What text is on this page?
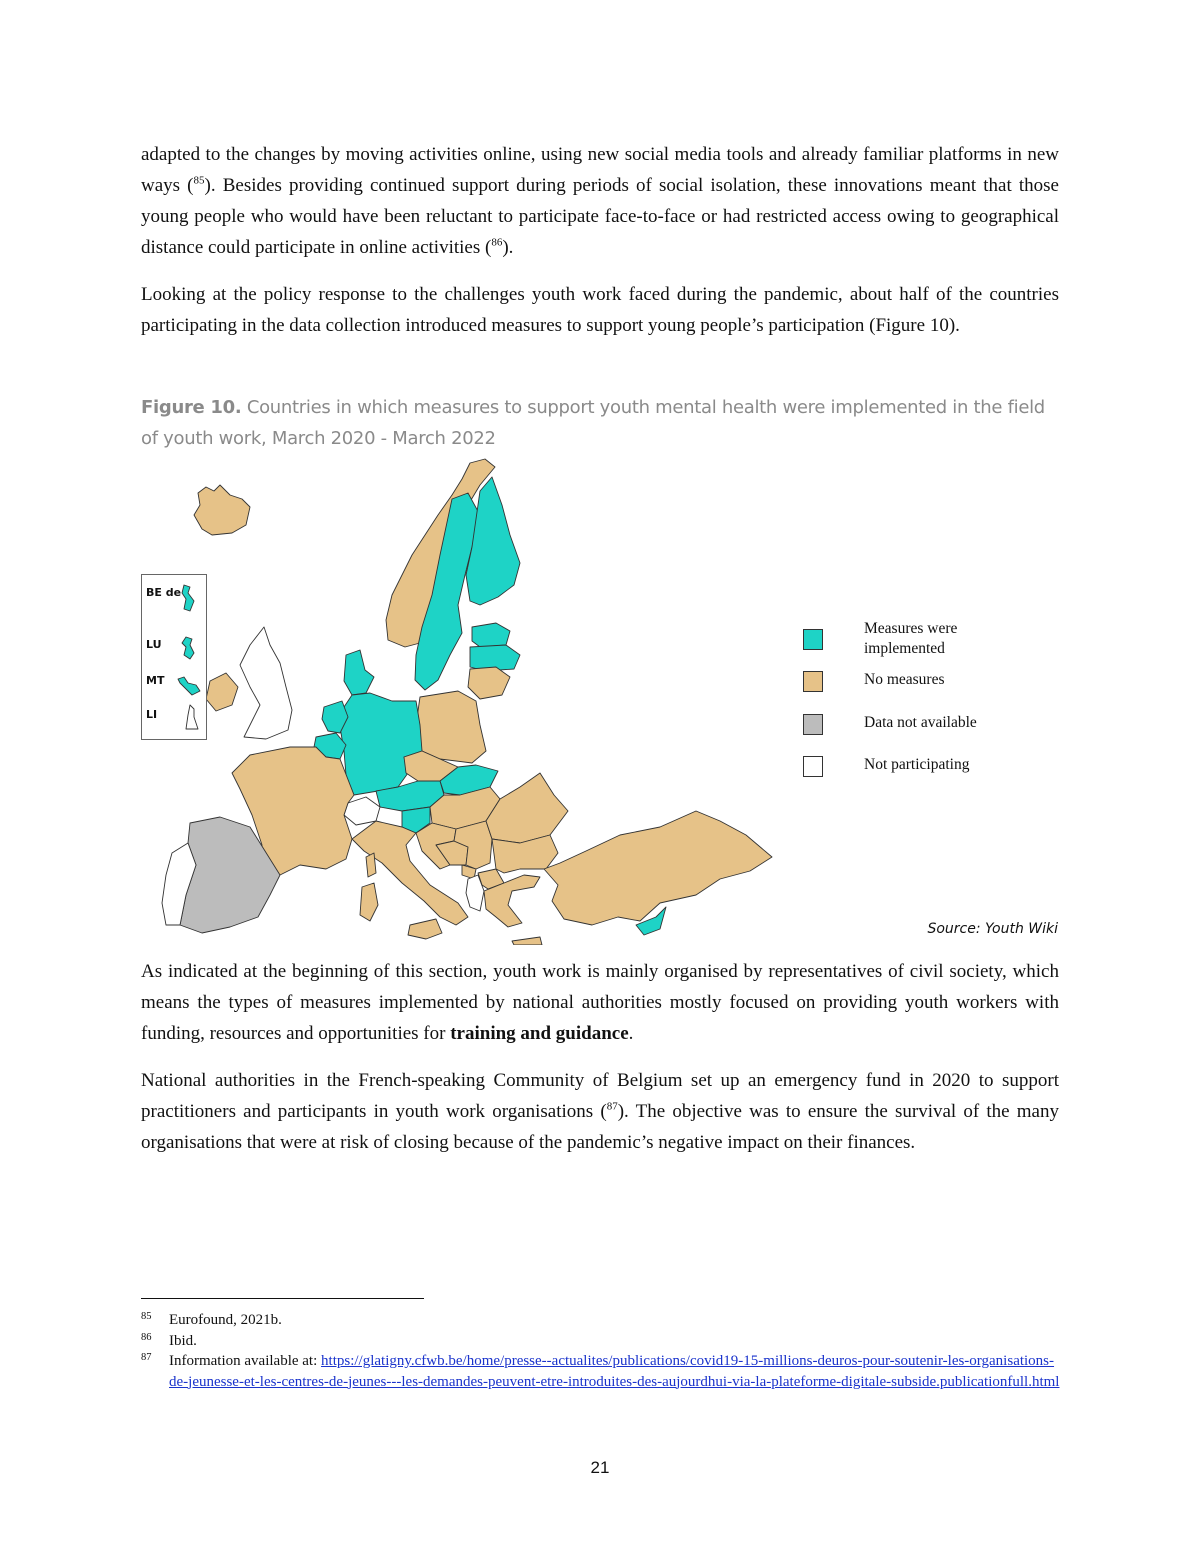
adapted to the changes by moving activities online, using new social media tools and already familiar platforms in new ways ($^{85}$). Besides providing continued support during periods of social isolation, these innovations meant that those young people who would have been reluctant to participate face-to-face or had restricted access owing to geographical distance could participate in online activities ($^{86}$).

Looking at the policy response to the challenges youth work faced during the pandemic, about half of the countries participating in the data collection introduced measures to support young people’s participation (Figure 10).

Figure 10. Countries in which measures to support youth mental health were implemented in the field of youth work, March 2020 - March 2022

BE de
LU
MT
LI
Measures were implemented
No measures
Data not available
Not participating
Source: Youth Wiki

As indicated at the beginning of this section, youth work is mainly organised by representatives of civil society, which means the types of measures implemented by national authorities mostly focused on providing youth workers with funding, resources and opportunities for training and guidance.

National authorities in the French-speaking Community of Belgium set up an emergency fund in 2020 to support practitioners and participants in youth work organisations ($^{87}$). The objective was to ensure the survival of the many organisations that were at risk of closing because of the pandemic’s negative impact on their finances.

85 Eurofound, 2021b.
86 Ibid.
87 Information available at: https://glatigny.cfwb.be/home/presse--actualites/publications/covid19-15-millions-deuros-pour-soutenir-les-organisations-de-jeunesse-et-les-centres-de-jeunes---les-demandes-peuvent-etre-introduites-des-aujourdhui-via-la-plateforme-digitale-subside.publicationfull.html
21
